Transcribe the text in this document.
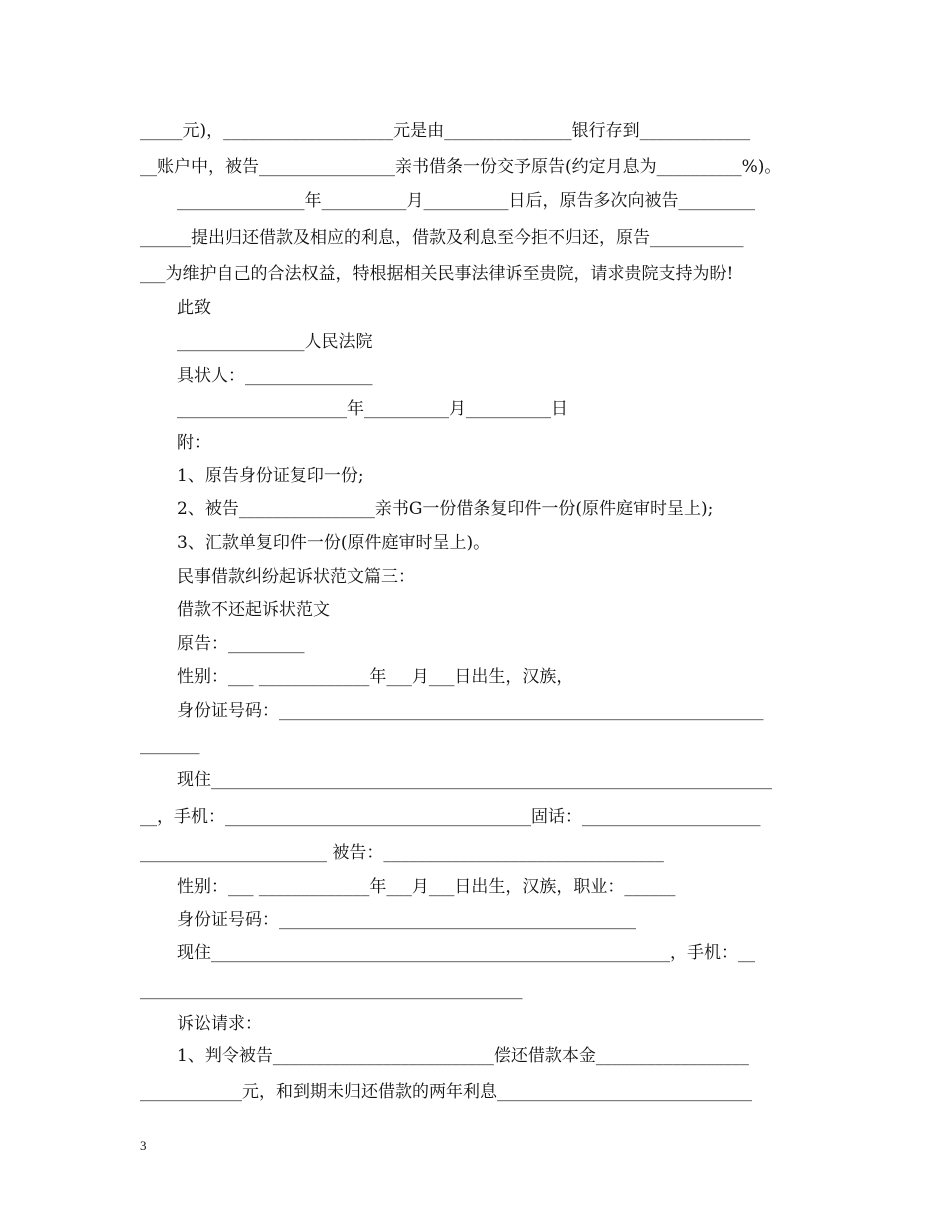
_____元)，____________________元是由_______________银行存到_____________
__账户中，被告________________亲书借条一份交予原告(约定月息为__________%)。
_______________年__________月__________日后，原告多次向被告_________
______提出归还借款及相应的利息，借款及利息至今拒不归还，原告___________
___为维护自己的合法权益，特根据相关民事法律诉至贵院，请求贵院支持为盼!
此致
_______________人民法院
具状人：_______________
____________________年__________月__________日
附：
1、原告身份证复印一份;
2、被告________________亲书G一份借条复印件一份(原件庭审时呈上);
3、汇款单复印件一份(原件庭审时呈上)。
民事借款纠纷起诉状范文篇三：
借款不还起诉状范文
原告：_________
性别：___ _____________年___月___日出生，汉族，
身份证号码：_________________________________________________________
_______
现住__________________________________________________________________
__，手机：____________________________________固话：_____________________
______________________ 被告：_________________________________
性别：___ _____________年___月___日出生，汉族，职业：______
身份证号码：__________________________________________
现住______________________________________________________，手机：__
_____________________________________________
诉讼请求：
1、判令被告__________________________偿还借款本金__________________
____________元，和到期未归还借款的两年利息______________________________
3
